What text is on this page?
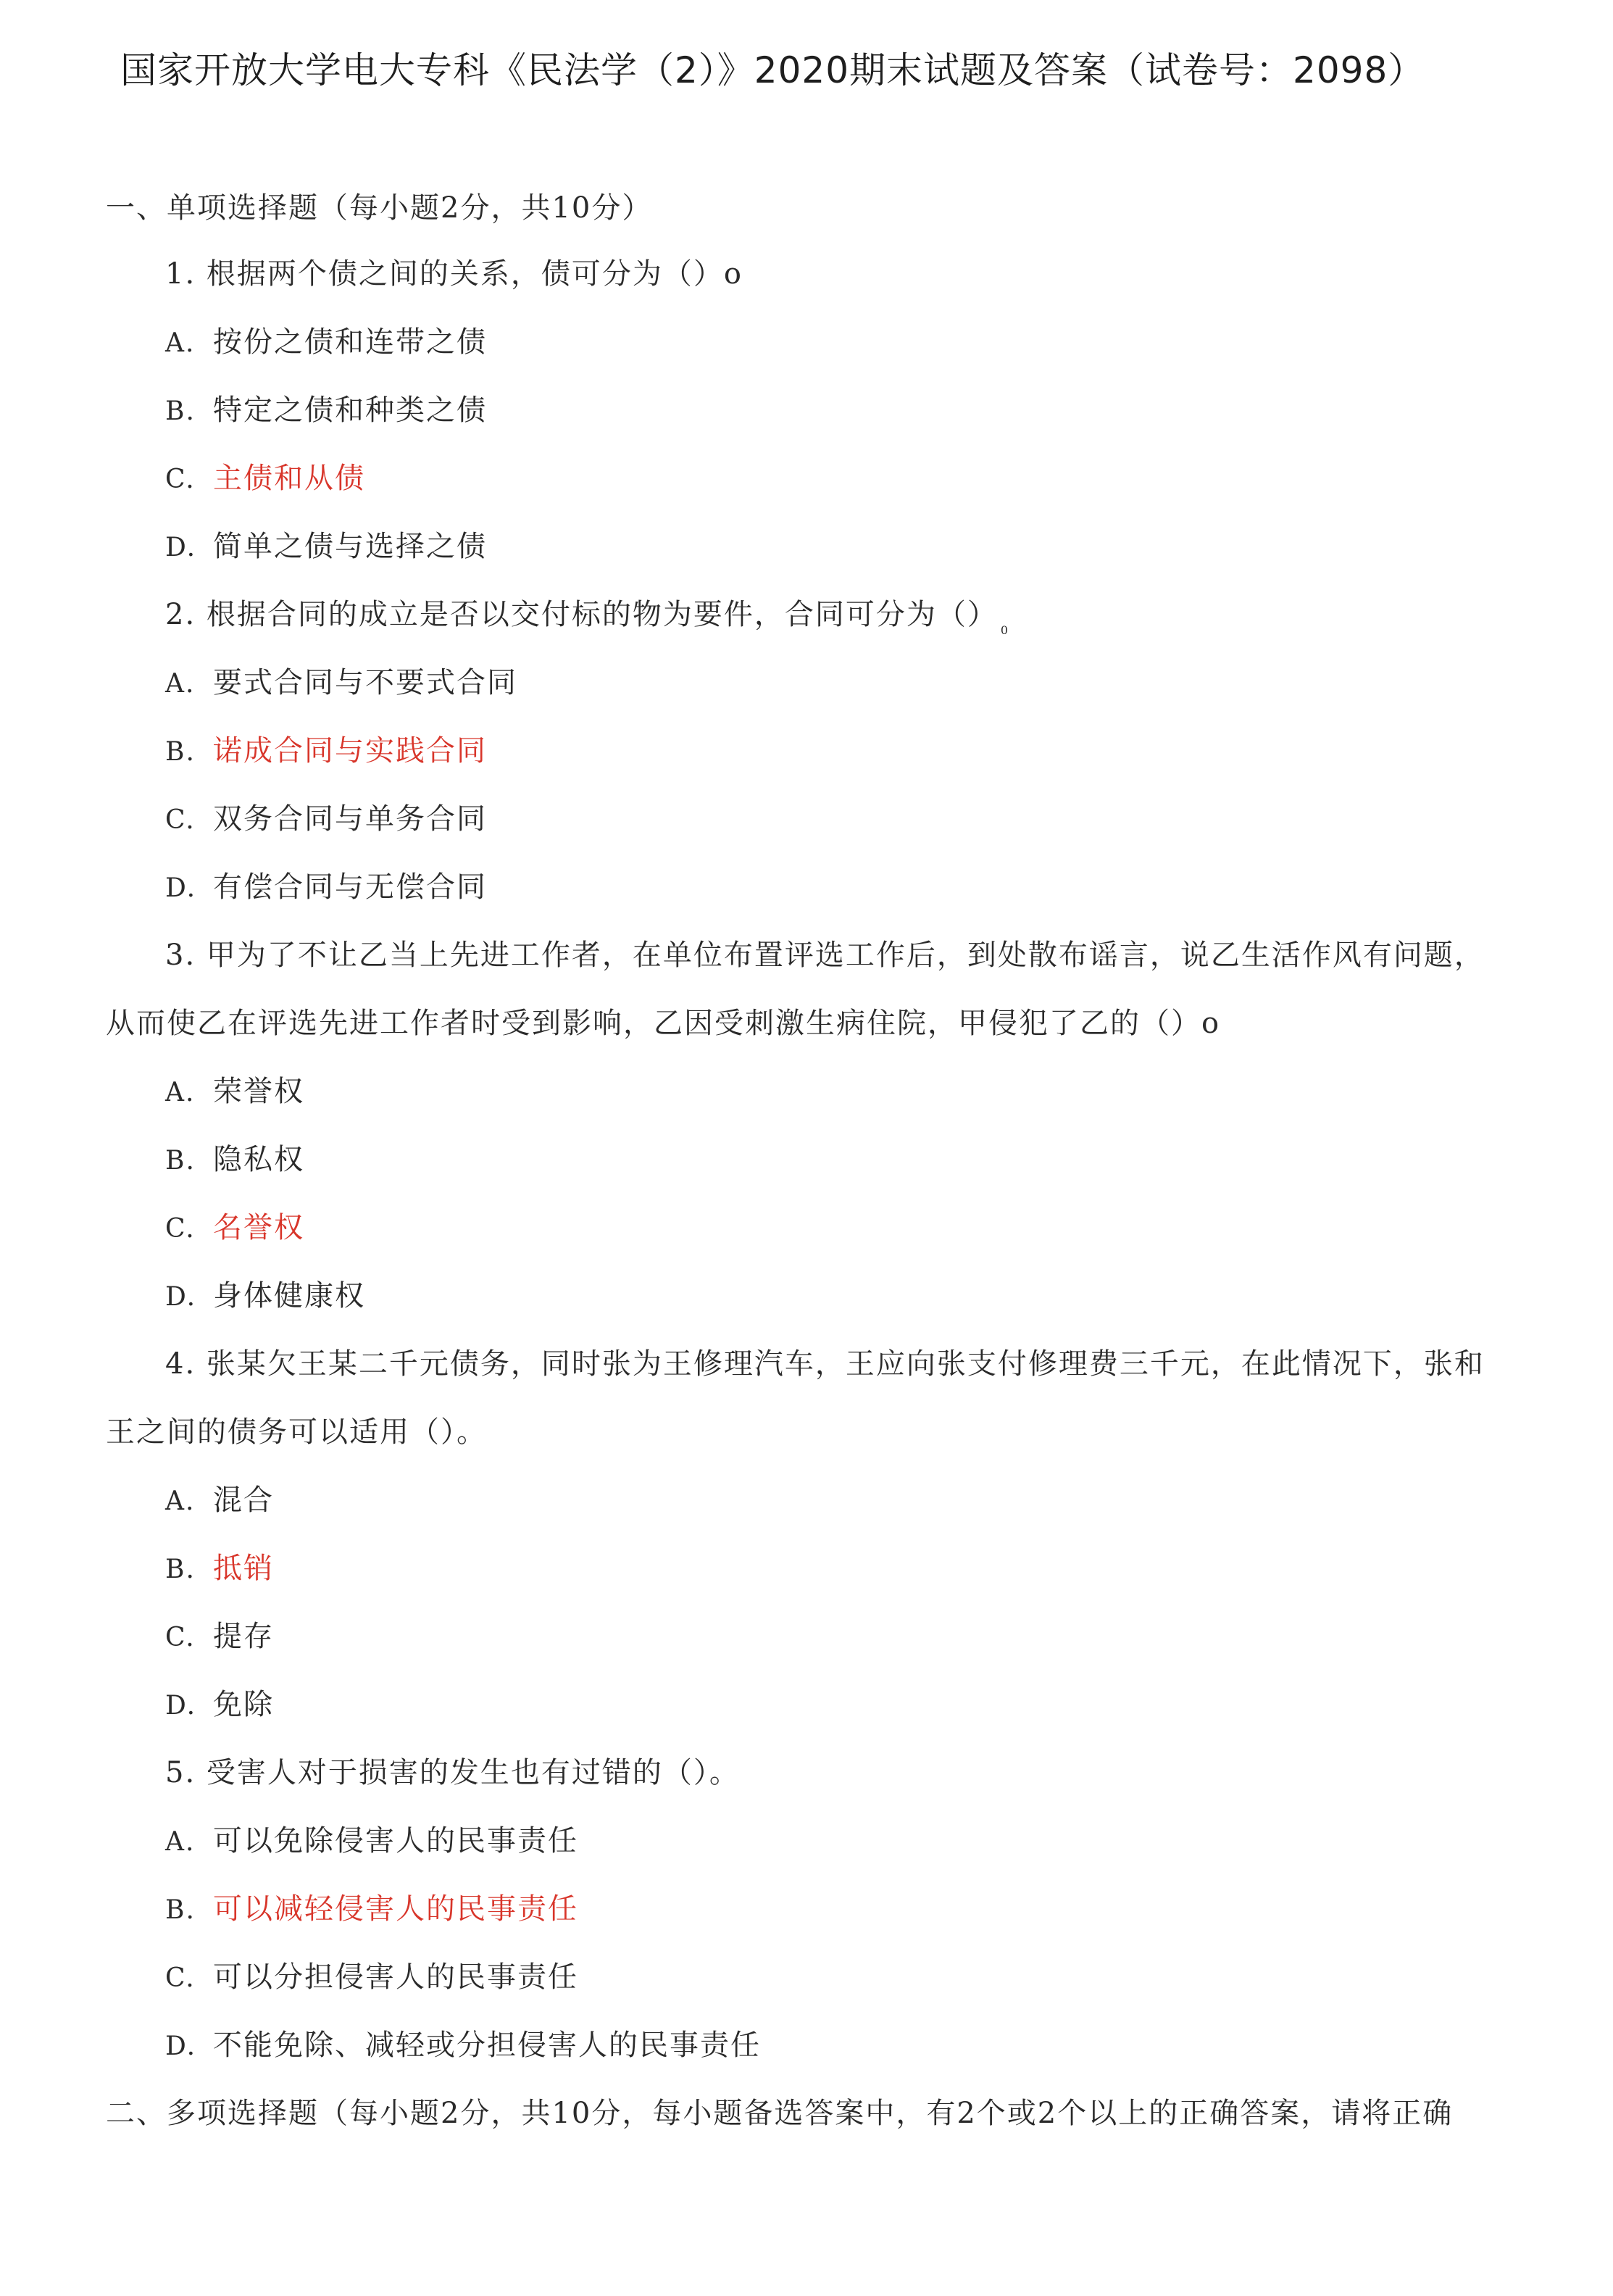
国家开放大学电大专科《民法学（2）》2020期末试题及答案（试卷号：2098）
一、单项选择题（每小题2分，共10分）
1. 根据两个债之间的关系，债可分为（）o
A. 按份之债和连带之债
B. 特定之债和种类之债
C. 主债和从债
D. 简单之债与选择之债
2. 根据合同的成立是否以交付标的物为要件，合同可分为（） $_0$
A. 要式合同与不要式合同
B. 诺成合同与实践合同
C. 双务合同与单务合同
D. 有偿合同与无偿合同
3. 甲为了不让乙当上先进工作者，在单位布置评选工作后，到处散布谣言，说乙生活作风有问题，
从而使乙在评选先进工作者时受到影响，乙因受刺激生病住院，甲侵犯了乙的（）o
A. 荣誉权
B. 隐私权
C. 名誉权
D. 身体健康权
4. 张某欠王某二千元债务，同时张为王修理汽车，王应向张支付修理费三千元，在此情况下，张和
王之间的债务可以适用（）。
A. 混合
B. 抵销
C. 提存
D. 免除
5. 受害人对于损害的发生也有过错的（）。
A. 可以免除侵害人的民事责任
B. 可以减轻侵害人的民事责任
C. 可以分担侵害人的民事责任
D. 不能免除、减轻或分担侵害人的民事责任
二、多项选择题（每小题2分，共10分，每小题备选答案中，有2个或2个以上的正确答案，请将正确
